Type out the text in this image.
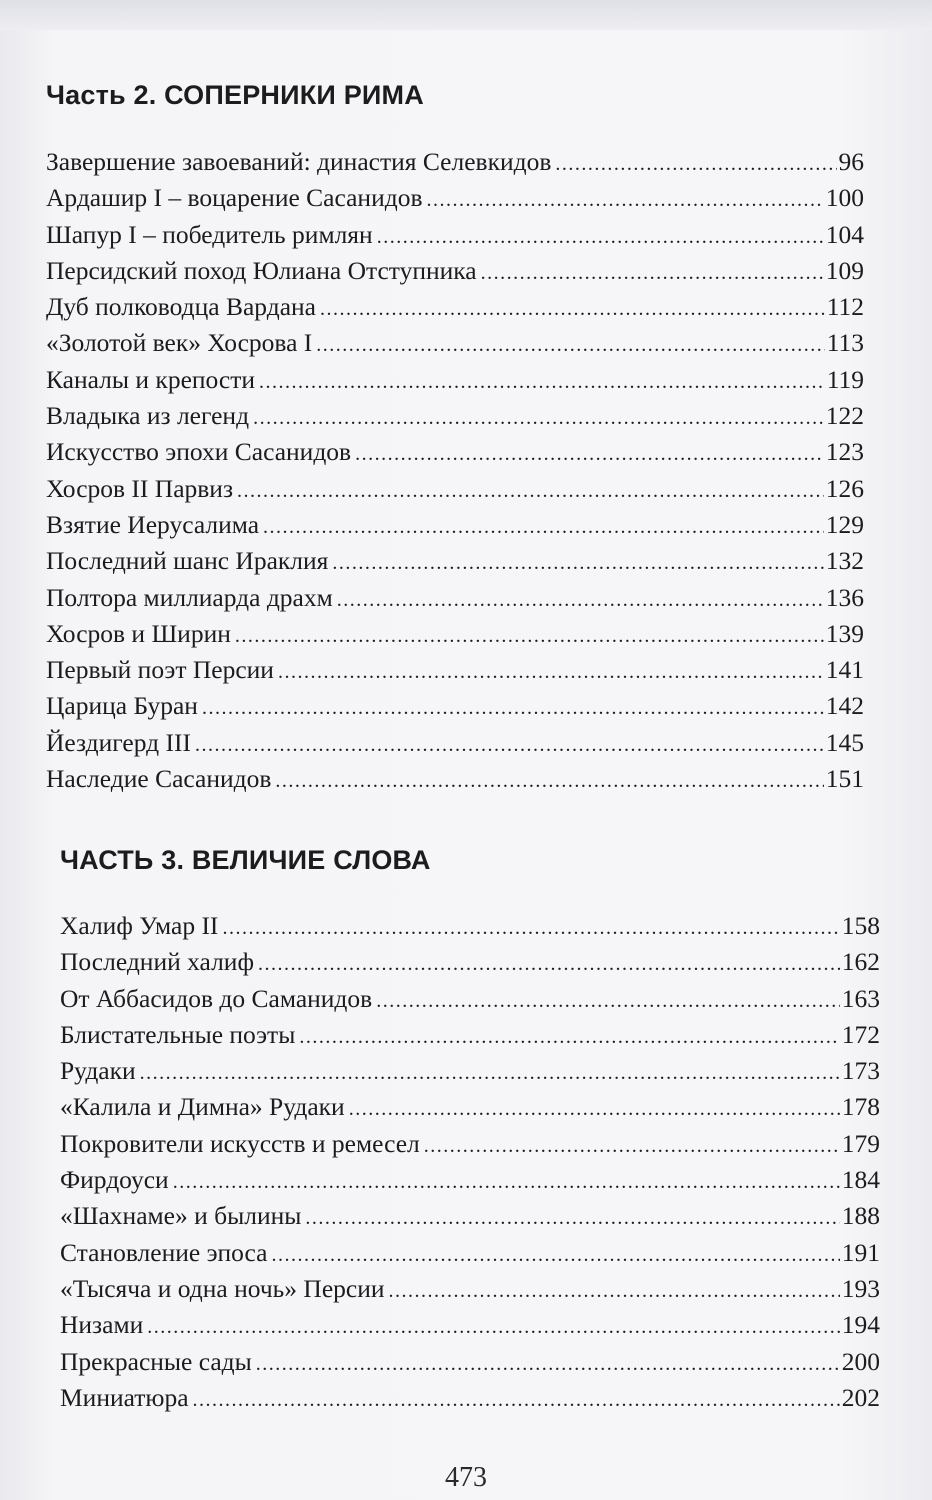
Часть 2. СОПЕРНИКИ РИМА
Завершение завоеваний: династия Селевкидов .....	96
Ардашир I – воцарение Сасанидов .....	100
Шапур I – победитель римлян .....	104
Персидский поход Юлиана Отступника .....	109
Дуб полководца Вардана .....	112
«Золотой век» Хосрова I .....	113
Каналы и крепости .....	119
Владыка из легенд .....	122
Искусство эпохи Сасанидов .....	123
Хосров II Парвиз .....	126
Взятие Иерусалима .....	129
Последний шанс Ираклия .....	132
Полтора миллиарда драхм .....	136
Хосров и Ширин .....	139
Первый поэт Персии .....	141
Царица Буран .....	142
Йездигерд III .....	145
Наследие Сасанидов .....	151
ЧАСТЬ 3. ВЕЛИЧИЕ СЛОВА
Халиф Умар II .....	158
Последний халиф .....	162
От Аббасидов до Саманидов .....	163
Блистательные поэты .....	172
Рудаки .....	173
«Калила и Димна» Рудаки .....	178
Покровители искусств и ремесел .....	179
Фирдоуси .....	184
«Шахнаме» и былины .....	188
Становление эпоса .....	191
«Тысяча и одна ночь» Персии .....	193
Низами .....	194
Прекрасные сады .....	200
Миниатюра .....	202
473
